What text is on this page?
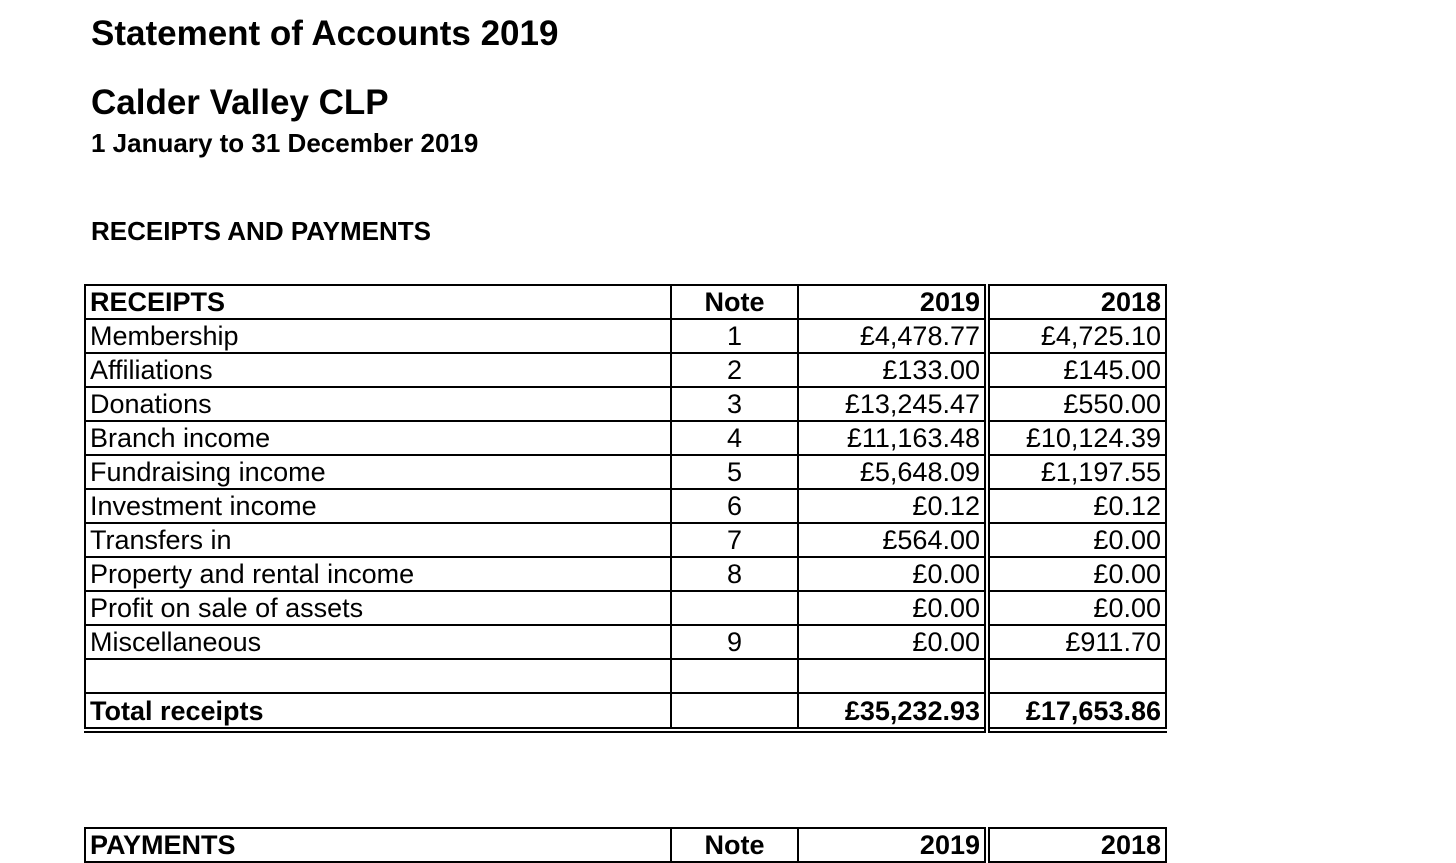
Statement of Accounts 2019
Calder Valley CLP
1 January to 31 December 2019
RECEIPTS AND PAYMENTS
RECEIPTS	Note	2019	2018
Membership	1	£4,478.77	£4,725.10
Affiliations	2	£133.00	£145.00
Donations	3	£13,245.47	£550.00
Branch income	4	£11,163.48	£10,124.39
Fundraising income	5	£5,648.09	£1,197.55
Investment income	6	£0.12	£0.12
Transfers in	7	£564.00	£0.00
Property and rental income	8	£0.00	£0.00
Profit on sale of assets		£0.00	£0.00
Miscellaneous	9	£0.00	£911.70

Total receipts		£35,232.93	£17,653.86
PAYMENTS	Note	2019	2018
